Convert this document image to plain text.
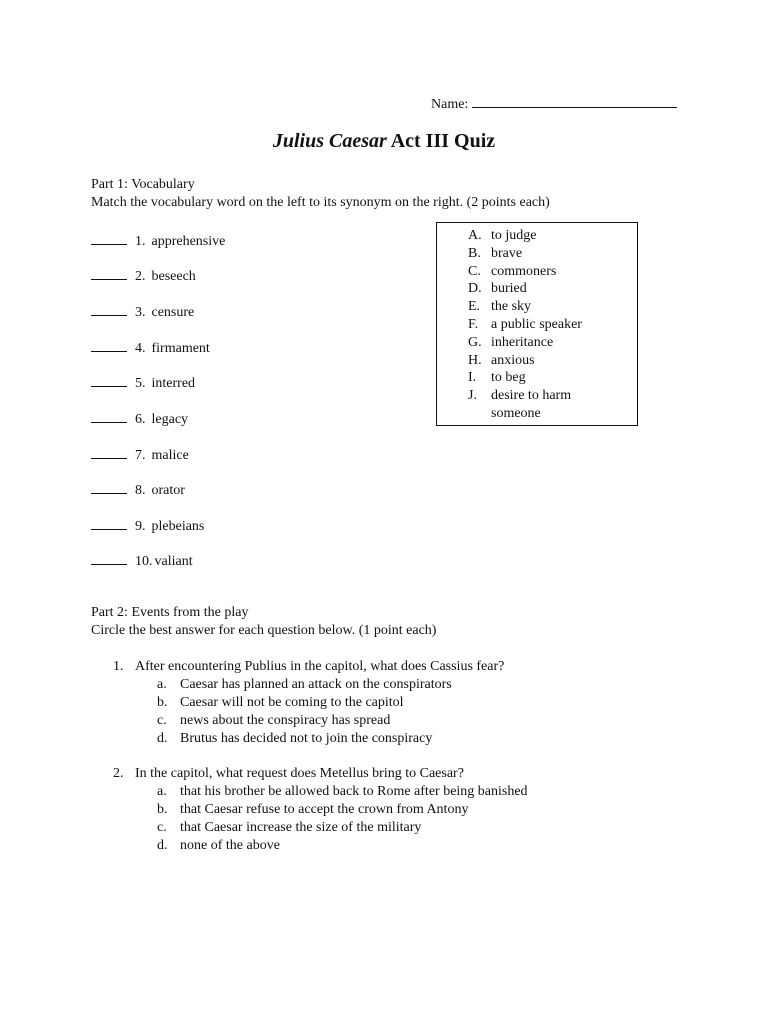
Name:
Julius Caesar Act III Quiz
Part 1: Vocabulary
Match the vocabulary word on the left to its synonym on the right. (2 points each)
1. apprehensive
2. beseech
3. censure
4. firmament
5. interred
6. legacy
7. malice
8. orator
9. plebeians
10. valiant
A. to judge
B. brave
C. commoners
D. buried
E. the sky
F. a public speaker
G. inheritance
H. anxious
I. to beg
J. desire to harm
someone
Part 2: Events from the play
Circle the best answer for each question below. (1 point each)
1. After encountering Publius in the capitol, what does Cassius fear?
a. Caesar has planned an attack on the conspirators
b. Caesar will not be coming to the capitol
c. news about the conspiracy has spread
d. Brutus has decided not to join the conspiracy
2. In the capitol, what request does Metellus bring to Caesar?
a. that his brother be allowed back to Rome after being banished
b. that Caesar refuse to accept the crown from Antony
c. that Caesar increase the size of the military
d. none of the above
